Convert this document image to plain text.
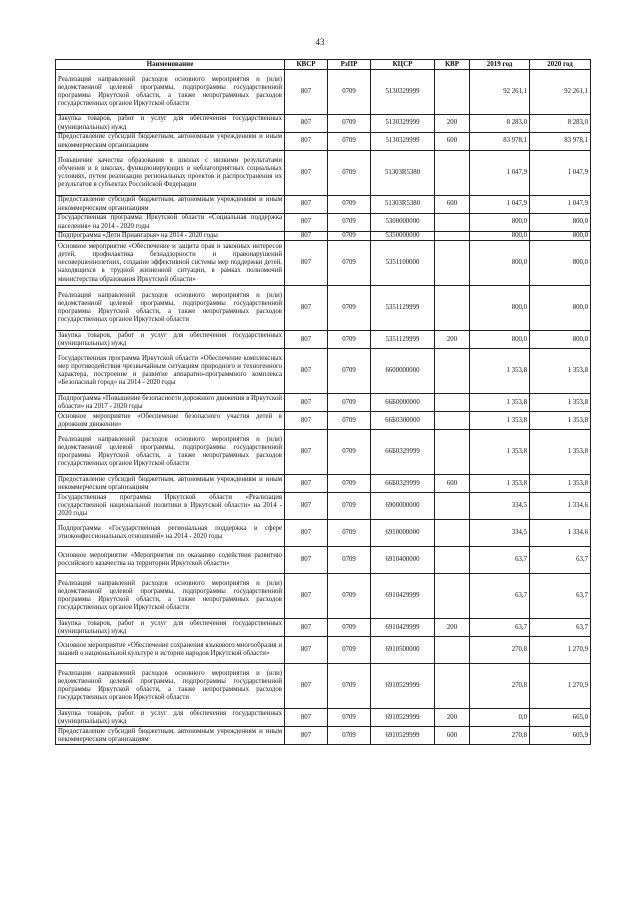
43
Наименование	КВСР	РзПР	КЦСР	КВР	2019 год	2020 год
Реализация направлений расходов основного мероприятия и (или) ведомственной целевой программы, подпрограммы государственной программы Иркутской области, а также непрограммных расходов государственных органов Иркутской области	807	0709	5130329999		92 261,1	92 261,1
Закупка товаров, работ и услуг для обеспечения государственных (муниципальных) нужд	807	0709	5130329999	200	8 283,0	8 283,0
Предоставление субсидий бюджетным, автономным учреждениям и иным некоммерческим организациям	807	0709	5130329999	600	83 978,1	83 978,1
Повышение качества образования в школах с низкими результатами обучения и в школах, функционирующих в неблагоприятных социальных условиях, путем реализации региональных проектов и распространения их результатов в субъектах Российской Федерации	807	0709	51303R5380		1 047,9	1 047,9
Предоставление субсидий бюджетным, автономным учреждениям и иным некоммерческим организациям	807	0709	51303R5380	600	1 047,9	1 047,9
Государственная программа Иркутской области «Социальная поддержка населения» на 2014 - 2020 годы	807	0709	5300000000		800,0	800,0
Подпрограмма «Дети Приангарья» на 2014 - 2020 годы	807	0709	5350000000		800,0	800,0
Основное мероприятие «Обеспечение и защита прав и законных интересов детей, профилактика безнадзорности и правонарушений несовершеннолетних, создание эффективной системы мер поддержки детей, находящихся в трудной жизненной ситуации, в рамках полномочий министерства образования Иркутской области»	807	0709	5351100000		800,0	800,0
Реализация направлений расходов основного мероприятия и (или) ведомственной целевой программы, подпрограммы государственной программы Иркутской области, а также непрограммных расходов государственных органов Иркутской области	807	0709	5351129999		800,0	800,0
Закупка товаров, работ и услуг для обеспечения государственных (муниципальных) нужд	807	0709	5351129999	200	800,0	800,0
Государственная программа Иркутской области «Обеспечение комплексных мер противодействия чрезвычайным ситуациям природного и техногенного характера, построение и развитие аппаратно-программного комплекса «Безопасный город» на 2014 - 2020 годы	807	0709	6600000000		1 353,8	1 353,8
Подпрограмма «Повышение безопасности дорожного движения в Иркутской области» на 2017 - 2020 годы	807	0709	66Б0000000		1 353,8	1 353,8
Основное мероприятие «Обеспечение безопасного участия детей в дорожном движении»	807	0709	66Б0300000		1 353,8	1 353,8
Реализация направлений расходов основного мероприятия и (или) ведомственной целевой программы, подпрограммы государственной программы Иркутской области, а также непрограммных расходов государственных органов Иркутской области	807	0709	66Б0329999		1 353,8	1 353,8
Предоставление субсидий бюджетным, автономным учреждениям и иным некоммерческим организациям	807	0709	66Б0329999	600	1 353,8	1 353,8
Государственная программа Иркутской области «Реализация государственной национальной политики в Иркутской области» на 2014 - 2020 годы	807	0709	6900000000		334,5	1 334,6
Подпрограмма «Государственная региональная поддержка в сфере этноконфессиональных отношений» на 2014 - 2020 годы	807	0709	6910000000		334,5	1 334,6
Основное мероприятие «Мероприятия по оказанию содействия развитию российского казачества на территории Иркутской области»	807	0709	6910400000		63,7	63,7
Реализация направлений расходов основного мероприятия и (или) ведомственной целевой программы, подпрограммы государственной программы Иркутской области, а также непрограммных расходов государственных органов Иркутской области	807	0709	6910429999		63,7	63,7
Закупка товаров, работ и услуг для обеспечения государственных (муниципальных) нужд	807	0709	6910429999	200	63,7	63,7
Основное мероприятие «Обеспечение сохранения языкового многообразия и знаний о национальной культуре и истории народов Иркутской области»	807	0709	6910500000		270,8	1 270,9
Реализация направлений расходов основного мероприятия и (или) ведомственной целевой программы, подпрограммы государственной программы Иркутской области, а также непрограммных расходов государственных органов Иркутской области	807	0709	6910529999		270,8	1 270,9
Закупка товаров, работ и услуг для обеспечения государственных (муниципальных) нужд	807	0709	6910529999	200	0,0	665,0
Предоставление субсидий бюджетным, автономным учреждениям и иным некоммерческим организациям	807	0709	6910529999	600	270,8	605,9
